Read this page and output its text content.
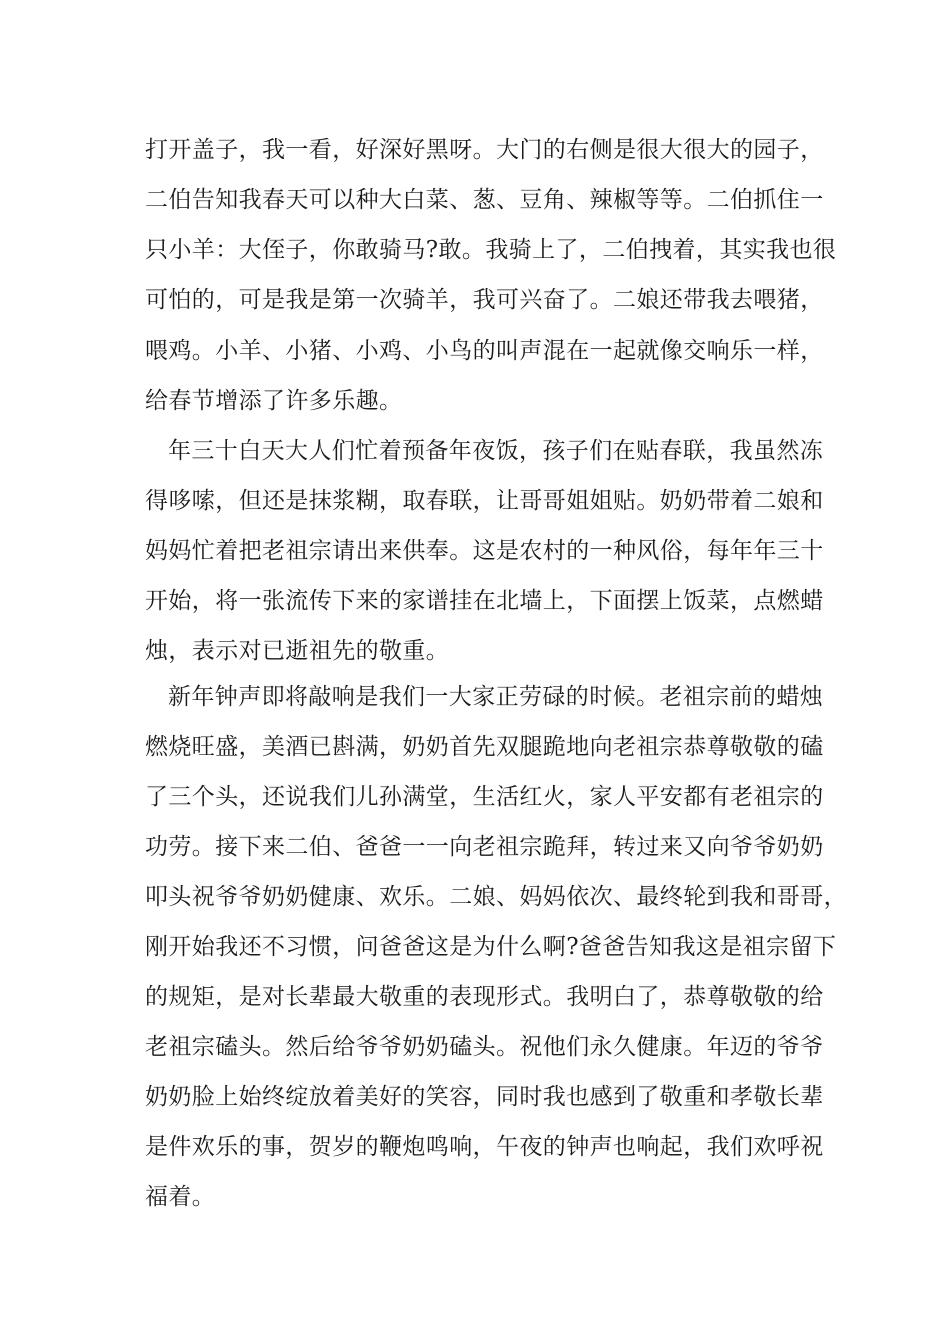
打开盖子，我一看，好深好黑呀。大门的右侧是很大很大的园子，

二伯告知我春天可以种大白菜、葱、豆角、辣椒等等。二伯抓住一

只小羊：大侄子，你敢骑马?敢。我骑上了，二伯拽着，其实我也很

可怕的，可是我是第一次骑羊，我可兴奋了。二娘还带我去喂猪，

喂鸡。小羊、小猪、小鸡、小鸟的叫声混在一起就像交响乐一样，

给春节增添了许多乐趣。

年三十白天大人们忙着预备年夜饭，孩子们在贴春联，我虽然冻

得哆嗦，但还是抹浆糊，取春联，让哥哥姐姐贴。奶奶带着二娘和

妈妈忙着把老祖宗请出来供奉。这是农村的一种风俗，每年年三十

开始，将一张流传下来的家谱挂在北墙上，下面摆上饭菜，点燃蜡

烛，表示对已逝祖先的敬重。

新年钟声即将敲响是我们一大家正劳碌的时候。老祖宗前的蜡烛

燃烧旺盛，美酒已斟满，奶奶首先双腿跪地向老祖宗恭尊敬敬的磕

了三个头，还说我们儿孙满堂，生活红火，家人平安都有老祖宗的

功劳。接下来二伯、爸爸一一向老祖宗跪拜，转过来又向爷爷奶奶

叩头祝爷爷奶奶健康、欢乐。二娘、妈妈依次、最终轮到我和哥哥，

刚开始我还不习惯，问爸爸这是为什么啊?爸爸告知我这是祖宗留下

的规矩，是对长辈最大敬重的表现形式。我明白了，恭尊敬敬的给

老祖宗磕头。然后给爷爷奶奶磕头。祝他们永久健康。年迈的爷爷

奶奶脸上始终绽放着美好的笑容，同时我也感到了敬重和孝敬长辈

是件欢乐的事，贺岁的鞭炮鸣响，午夜的钟声也响起，我们欢呼祝

福着。
